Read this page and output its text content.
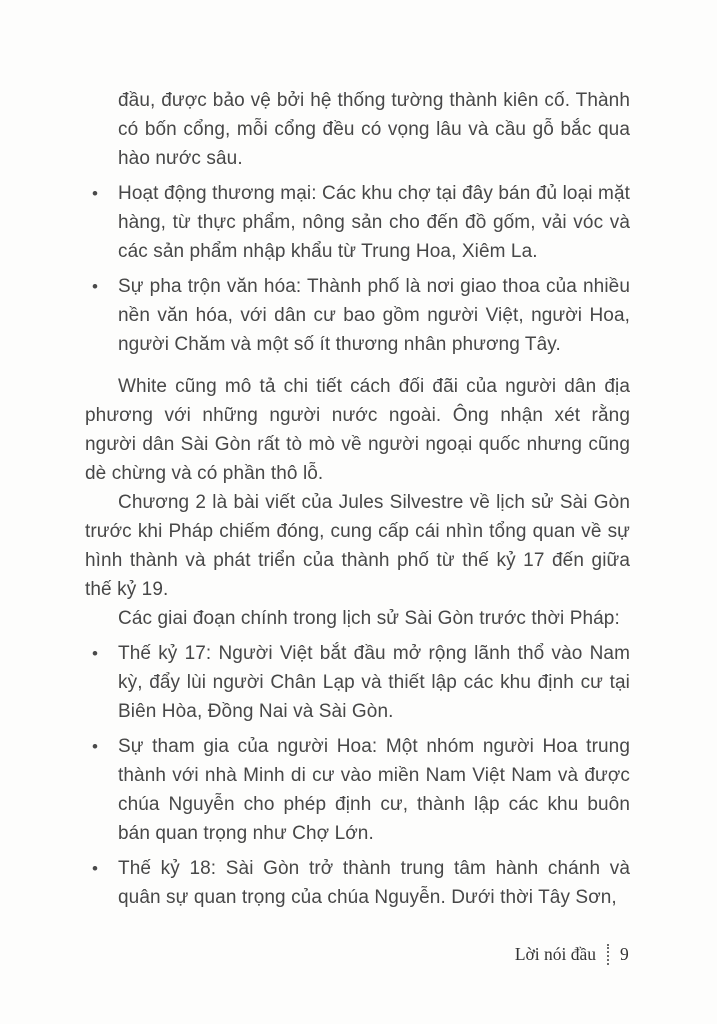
đầu, được bảo vệ bởi hệ thống tường thành kiên cố. Thành có bốn cổng, mỗi cổng đều có vọng lâu và cầu gỗ bắc qua hào nước sâu.

• Hoạt động thương mại: Các khu chợ tại đây bán đủ loại mặt hàng, từ thực phẩm, nông sản cho đến đồ gốm, vải vóc và các sản phẩm nhập khẩu từ Trung Hoa, Xiêm La.

• Sự pha trộn văn hóa: Thành phố là nơi giao thoa của nhiều nền văn hóa, với dân cư bao gồm người Việt, người Hoa, người Chăm và một số ít thương nhân phương Tây.

White cũng mô tả chi tiết cách đối đãi của người dân địa phương với những người nước ngoài. Ông nhận xét rằng người dân Sài Gòn rất tò mò về người ngoại quốc nhưng cũng dè chừng và có phần thô lỗ.

Chương 2 là bài viết của Jules Silvestre về lịch sử Sài Gòn trước khi Pháp chiếm đóng, cung cấp cái nhìn tổng quan về sự hình thành và phát triển của thành phố từ thế kỷ 17 đến giữa thế kỷ 19.

Các giai đoạn chính trong lịch sử Sài Gòn trước thời Pháp:

• Thế kỷ 17: Người Việt bắt đầu mở rộng lãnh thổ vào Nam kỳ, đẩy lùi người Chân Lạp và thiết lập các khu định cư tại Biên Hòa, Đồng Nai và Sài Gòn.

• Sự tham gia của người Hoa: Một nhóm người Hoa trung thành với nhà Minh di cư vào miền Nam Việt Nam và được chúa Nguyễn cho phép định cư, thành lập các khu buôn bán quan trọng như Chợ Lớn.

• Thế kỷ 18: Sài Gòn trở thành trung tâm hành chánh và quân sự quan trọng của chúa Nguyễn. Dưới thời Tây Sơn,

Lời nói đầu 9
